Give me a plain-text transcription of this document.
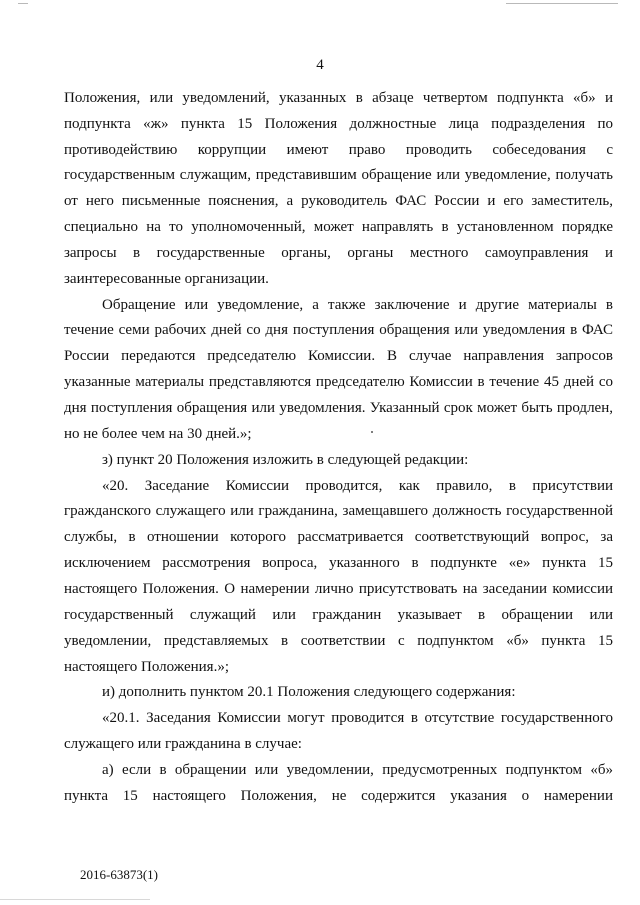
4
Положения, или уведомлений, указанных в абзаце четвертом подпункта «б» и
подпункта «ж» пункта 15 Положения должностные лица подразделения по
противодействию коррупции имеют право проводить собеседования с
государственным служащим, представившим обращение или уведомление, получать
от него письменные пояснения, а руководитель ФАС России и его заместитель,
специально на то уполномоченный, может направлять в установленном порядке
запросы в государственные органы, органы местного самоуправления и
заинтересованные организации.
Обращение или уведомление, а также заключение и другие материалы в
течение семи рабочих дней со дня поступления обращения или уведомления в ФАС
России передаются председателю Комиссии. В случае направления запросов
указанные материалы представляются председателю Комиссии в течение 45 дней со
дня поступления обращения или уведомления. Указанный срок может быть продлен,
но не более чем на 30 дней.»;
з) пункт 20 Положения изложить в следующей редакции:
«20. Заседание Комиссии проводится, как правило, в присутствии
гражданского служащего или гражданина, замещавшего должность государственной
службы, в отношении которого рассматривается соответствующий вопрос, за
исключением рассмотрения вопроса, указанного в подпункте «е» пункта 15
настоящего Положения. О намерении лично присутствовать на заседании комиссии
государственный служащий или гражданин указывает в обращении или
уведомлении, представляемых в соответствии с подпунктом «б» пункта 15
настоящего Положения.»;
и) дополнить пунктом 20.1 Положения следующего содержания:
«20.1. Заседания Комиссии могут проводится в отсутствие государственного
служащего или гражданина в случае:
а) если в обращении или уведомлении, предусмотренных подпунктом «б»
пункта 15 настоящего Положения, не содержится указания о намерении
2016-63873(1)
